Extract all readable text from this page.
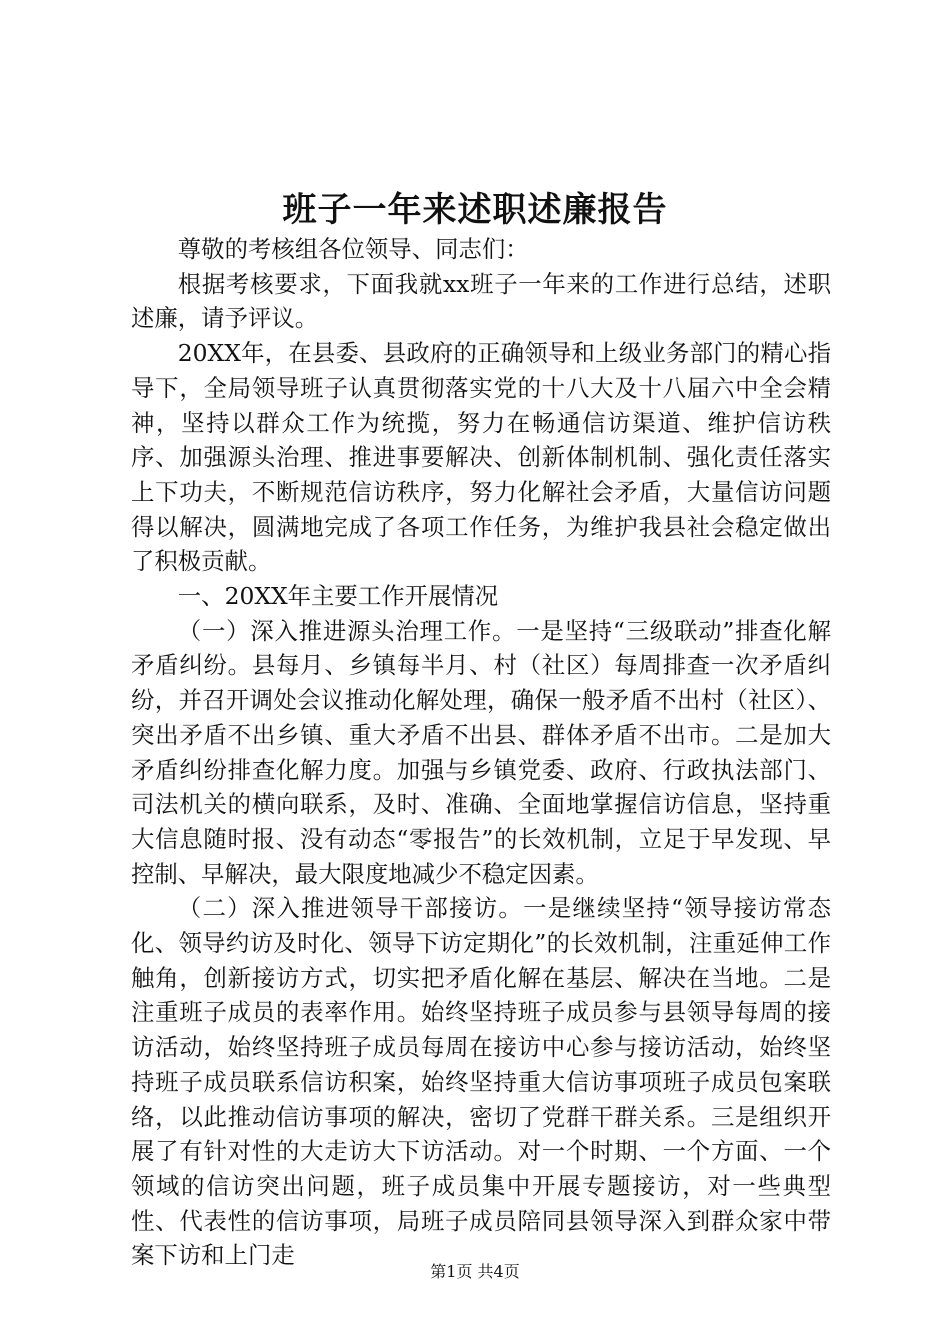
班子一年来述职述廉报告

尊敬的考核组各位领导、同志们：

根据考核要求，下面我就xx班子一年来的工作进行总结，述职述廉，请予评议。

20XX年，在县委、县政府的正确领导和上级业务部门的精心指导下，全局领导班子认真贯彻落实党的十八大及十八届六中全会精神，坚持以群众工作为统揽，努力在畅通信访渠道、维护信访秩序、加强源头治理、推进事要解决、创新体制机制、强化责任落实上下功夫，不断规范信访秩序，努力化解社会矛盾，大量信访问题得以解决，圆满地完成了各项工作任务，为维护我县社会稳定做出了积极贡献。

一、20XX年主要工作开展情况

（一）深入推进源头治理工作。一是坚持“三级联动”排查化解矛盾纠纷。县每月、乡镇每半月、村（社区）每周排查一次矛盾纠纷，并召开调处会议推动化解处理，确保一般矛盾不出村（社区）、突出矛盾不出乡镇、重大矛盾不出县、群体矛盾不出市。二是加大矛盾纠纷排查化解力度。加强与乡镇党委、政府、行政执法部门、司法机关的横向联系，及时、准确、全面地掌握信访信息，坚持重大信息随时报、没有动态“零报告”的长效机制，立足于早发现、早控制、早解决，最大限度地减少不稳定因素。

（二）深入推进领导干部接访。一是继续坚持“领导接访常态化、领导约访及时化、领导下访定期化”的长效机制，注重延伸工作触角，创新接访方式，切实把矛盾化解在基层、解决在当地。二是注重班子成员的表率作用。始终坚持班子成员参与县领导每周的接访活动，始终坚持班子成员每周在接访中心参与接访活动，始终坚持班子成员联系信访积案，始终坚持重大信访事项班子成员包案联络，以此推动信访事项的解决，密切了党群干群关系。三是组织开展了有针对性的大走访大下访活动。对一个时期、一个方面、一个领域的信访突出问题，班子成员集中开展专题接访，对一些典型性、代表性的信访事项，局班子成员陪同县领导深入到群众家中带案下访和上门走

第1页 共4页
